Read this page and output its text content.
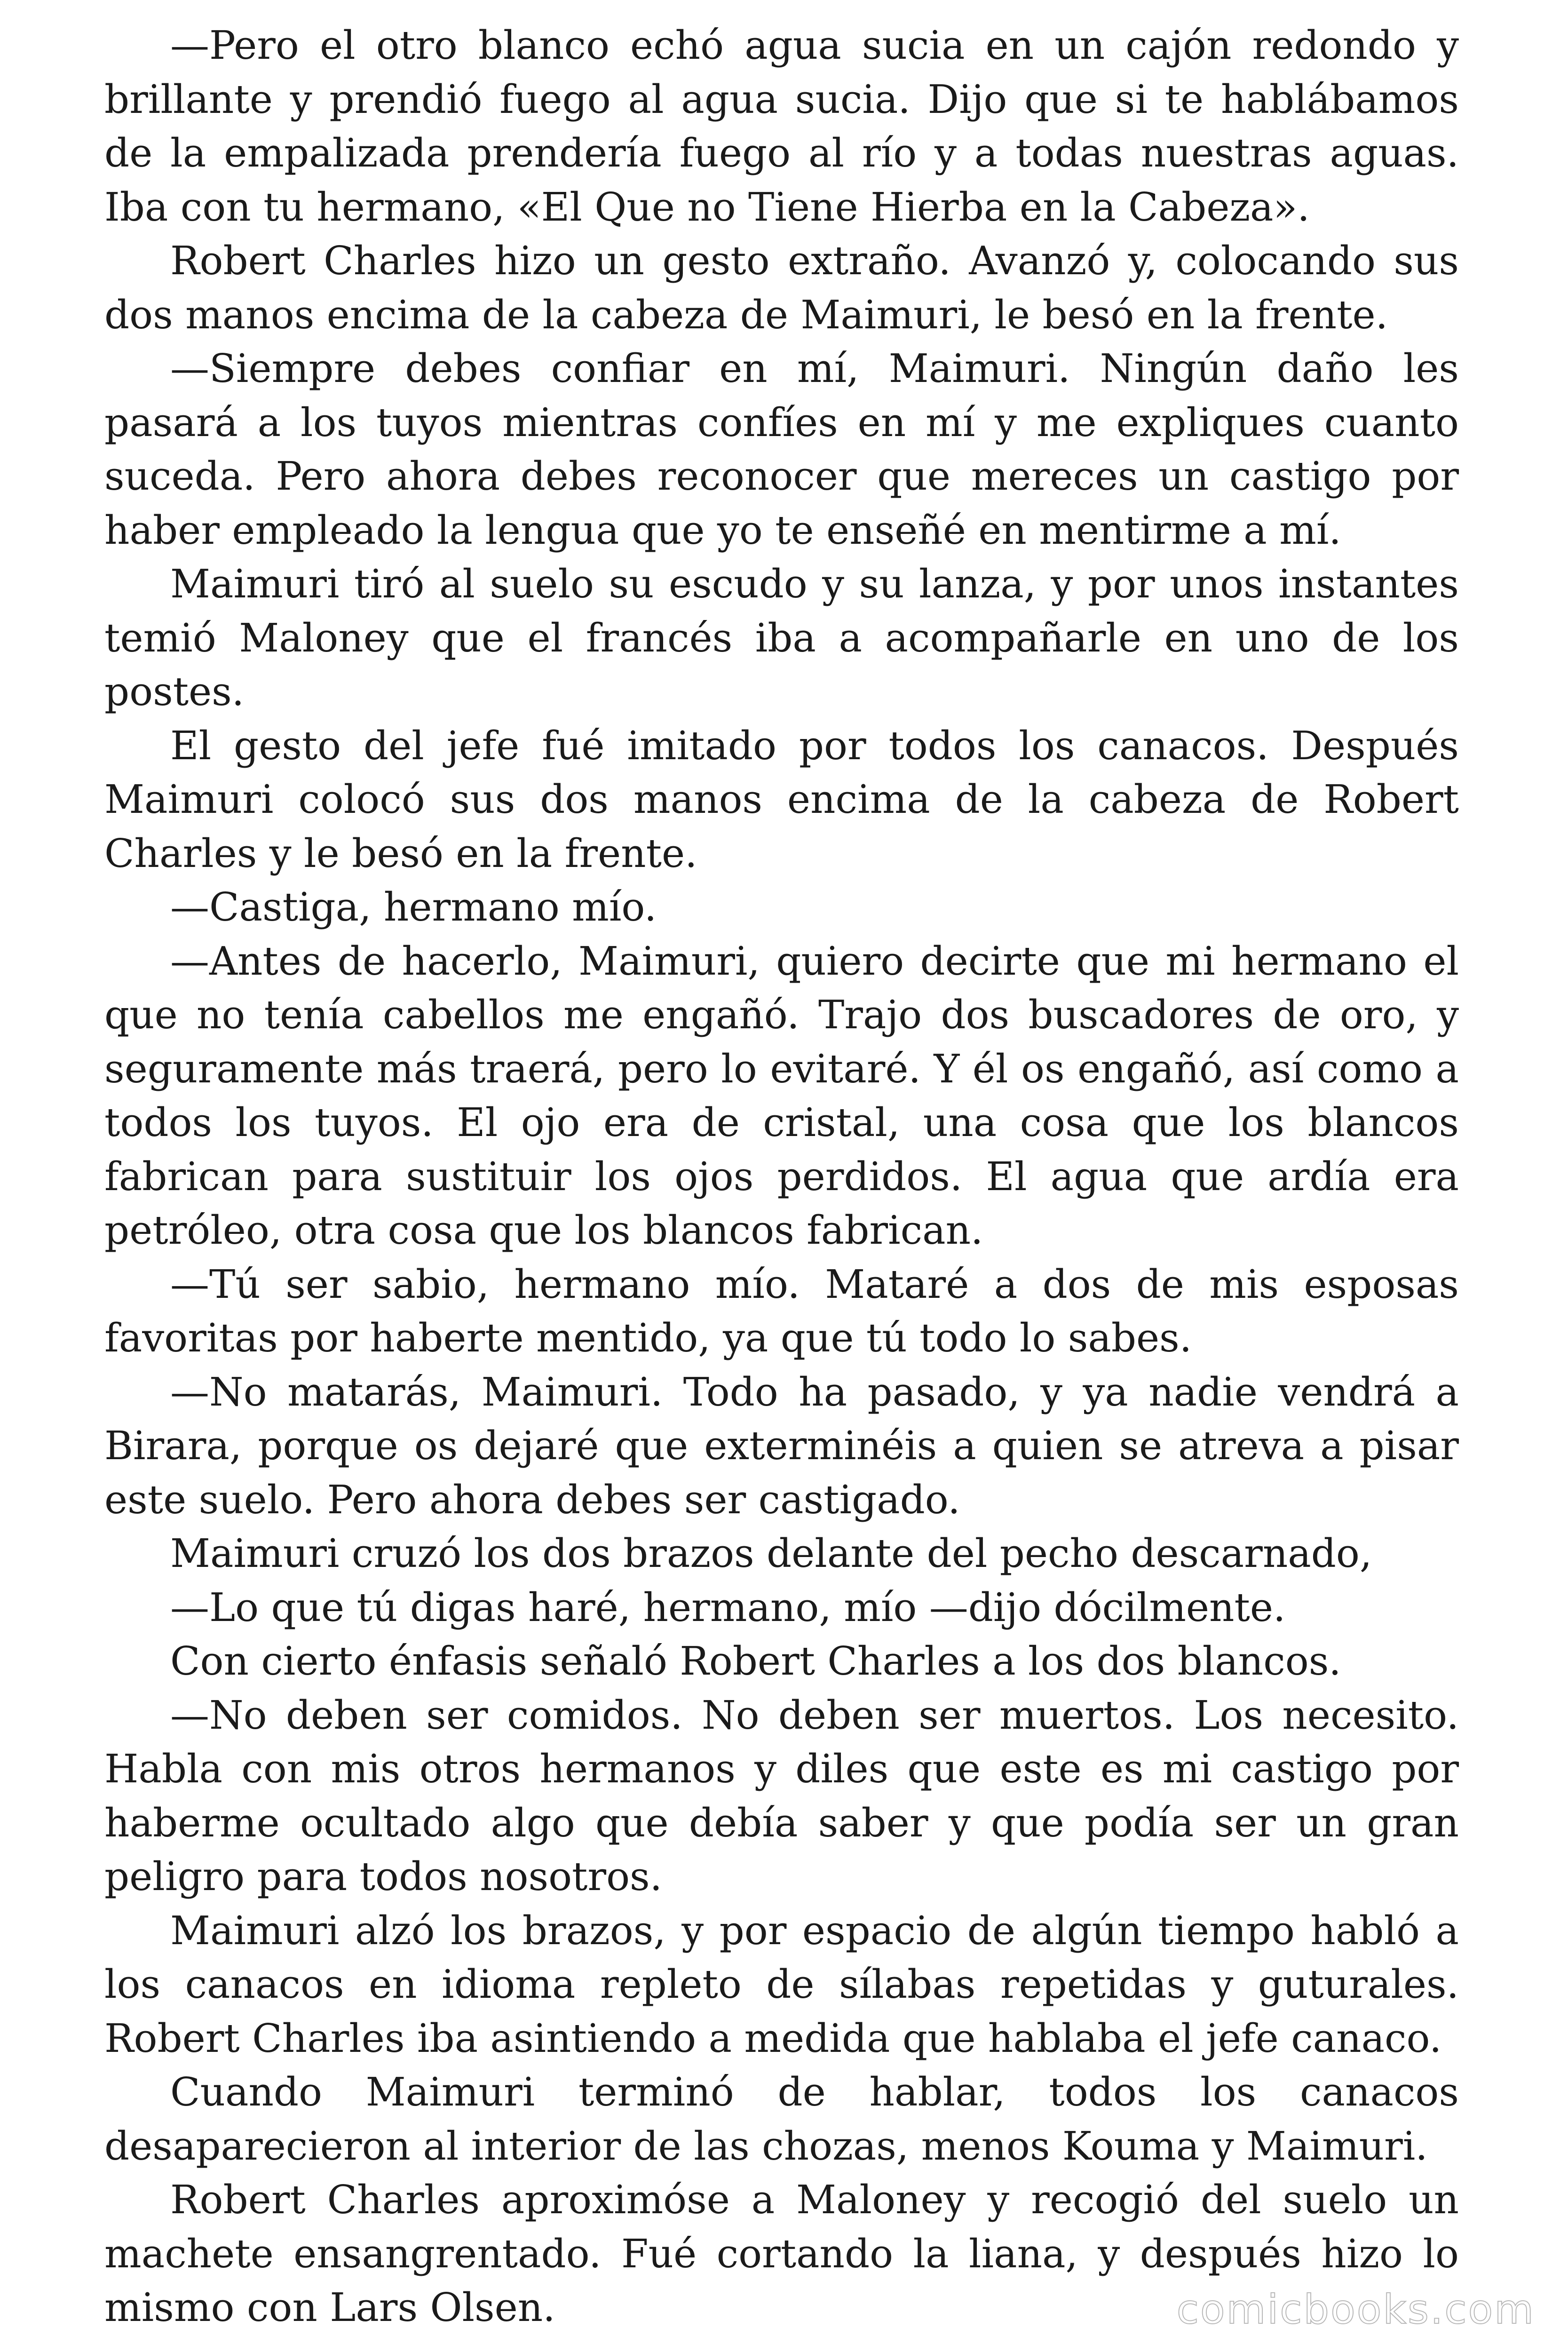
—Pero el otro blanco echó agua sucia en un cajón redondo y brillante y prendió fuego al agua sucia. Dijo que si te hablábamos de la empalizada prendería fuego al río y a todas nuestras aguas. Iba con tu hermano, «El Que no Tiene Hierba en la Cabeza».

Robert Charles hizo un gesto extraño. Avanzó y, colocando sus dos manos encima de la cabeza de Maimuri, le besó en la frente.

—Siempre debes confiar en mí, Maimuri. Ningún daño les pasará a los tuyos mientras confíes en mí y me expliques cuanto suceda. Pero ahora debes reconocer que mereces un castigo por haber empleado la lengua que yo te enseñé en mentirme a mí.

Maimuri tiró al suelo su escudo y su lanza, y por unos instantes temió Maloney que el francés iba a acompañarle en uno de los postes.

El gesto del jefe fué imitado por todos los canacos. Después Maimuri colocó sus dos manos encima de la cabeza de Robert Charles y le besó en la frente.

—Castiga, hermano mío.

—Antes de hacerlo, Maimuri, quiero decirte que mi hermano el que no tenía cabellos me engañó. Trajo dos buscadores de oro, y seguramente más traerá, pero lo evitaré. Y él os engañó, así como a todos los tuyos. El ojo era de cristal, una cosa que los blancos fabrican para sustituir los ojos perdidos. El agua que ardía era petróleo, otra cosa que los blancos fabrican.

—Tú ser sabio, hermano mío. Mataré a dos de mis esposas favoritas por haberte mentido, ya que tú todo lo sabes.

—No matarás, Maimuri. Todo ha pasado, y ya nadie vendrá a Birara, porque os dejaré que exterminéis a quien se atreva a pisar este suelo. Pero ahora debes ser castigado.

Maimuri cruzó los dos brazos delante del pecho descarnado,

—Lo que tú digas haré, hermano, mío —dijo dócilmente.

Con cierto énfasis señaló Robert Charles a los dos blancos.

—No deben ser comidos. No deben ser muertos. Los necesito. Habla con mis otros hermanos y diles que este es mi castigo por haberme ocultado algo que debía saber y que podía ser un gran peligro para todos nosotros.

Maimuri alzó los brazos, y por espacio de algún tiempo habló a los canacos en idioma repleto de sílabas repetidas y guturales. Robert Charles iba asintiendo a medida que hablaba el jefe canaco.

Cuando Maimuri terminó de hablar, todos los canacos desaparecieron al interior de las chozas, menos Kouma y Maimuri.

Robert Charles aproximóse a Maloney y recogió del suelo un machete ensangrentado. Fué cortando la liana, y después hizo lo mismo con Lars Olsen.	comicbooks.com
